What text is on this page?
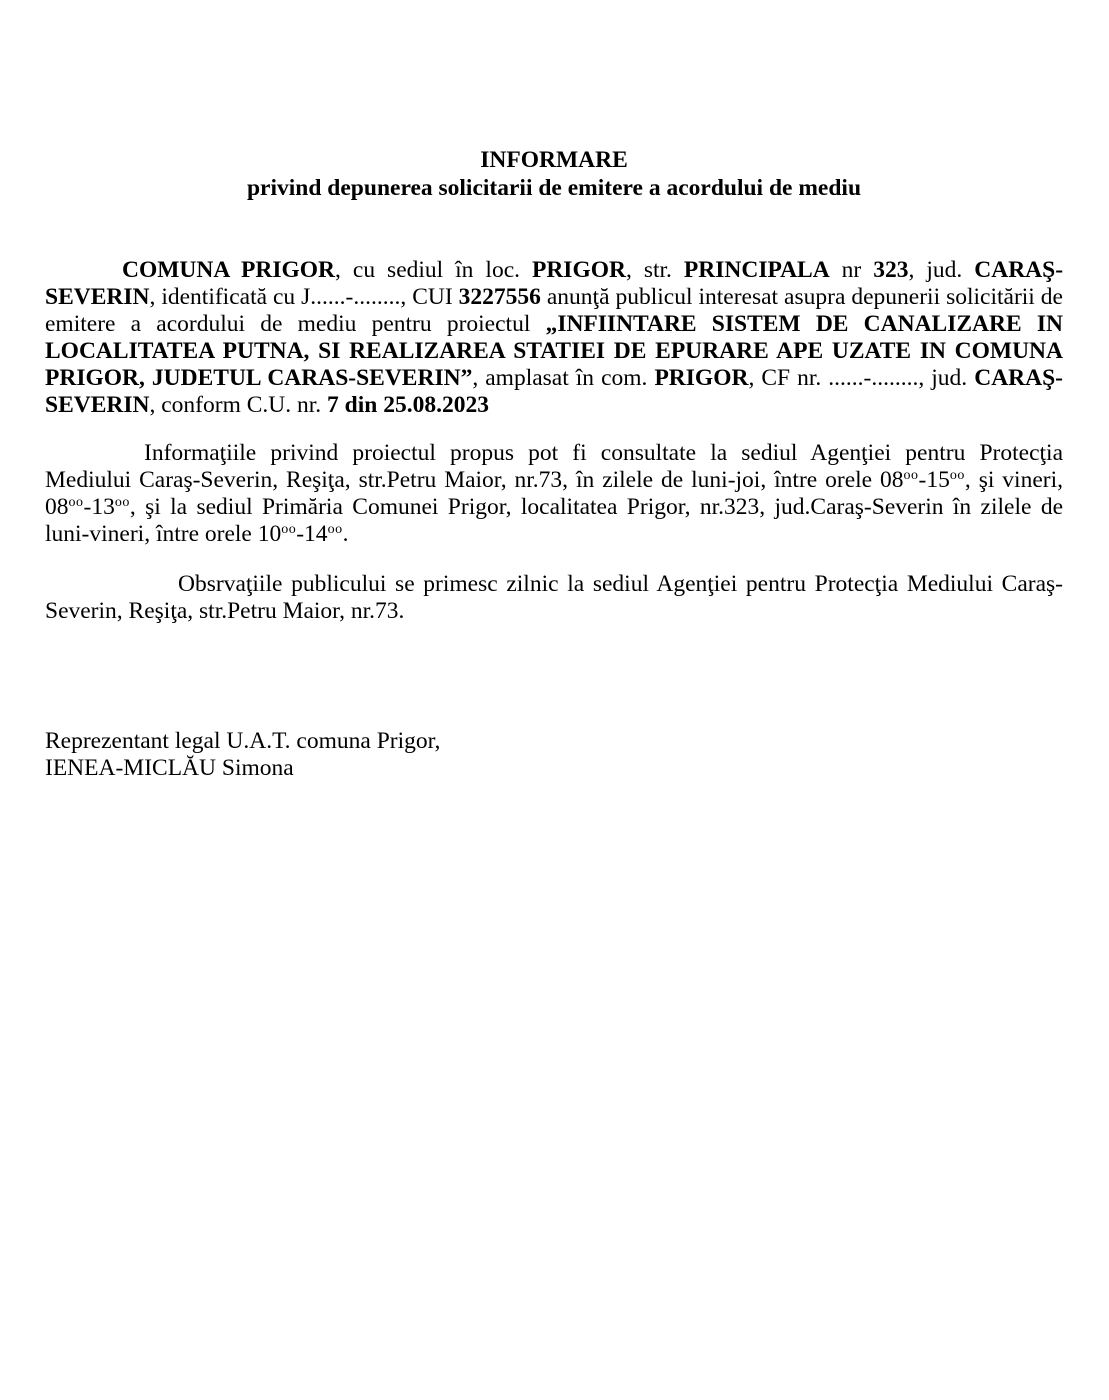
INFORMARE
privind depunerea solicitarii de emitere a acordului de mediu

COMUNA PRIGOR, cu sediul în loc. PRIGOR, str. PRINCIPALA nr 323, jud. CARAŞ-SEVERIN, identificată cu J......-........, CUI 3227556 anunţă publicul interesat asupra depunerii solicitării de emitere a acordului de mediu pentru proiectul „INFIINTARE SISTEM DE CANALIZARE IN LOCALITATEA PUTNA, SI REALIZAREA STATIEI DE EPURARE APE UZATE IN COMUNA PRIGOR, JUDETUL CARAS-SEVERIN”, amplasat în com. PRIGOR, CF nr. ......-........, jud. CARAŞ-SEVERIN, conform C.U. nr. 7 din 25.08.2023

Informaţiile privind proiectul propus pot fi consultate la sediul Agenţiei pentru Protecţia Mediului Caraş-Severin, Reşiţa, str.Petru Maior, nr.73, în zilele de luni-joi, între orele $08^{oo}-15^{oo}$, şi vineri, $08^{oo}-13^{oo}$, şi la sediul Primăria Comunei Prigor, localitatea Prigor, nr.323, jud.Caraş-Severin în zilele de luni-vineri, între orele $10^{oo}-14^{oo}$.

Obsrvaţiile publicului se primesc zilnic la sediul Agenţiei pentru Protecţia Mediului Caraş-Severin, Reşiţa, str.Petru Maior, nr.73.

Reprezentant legal U.A.T. comuna Prigor,
IENEA-MICLĂU Simona
